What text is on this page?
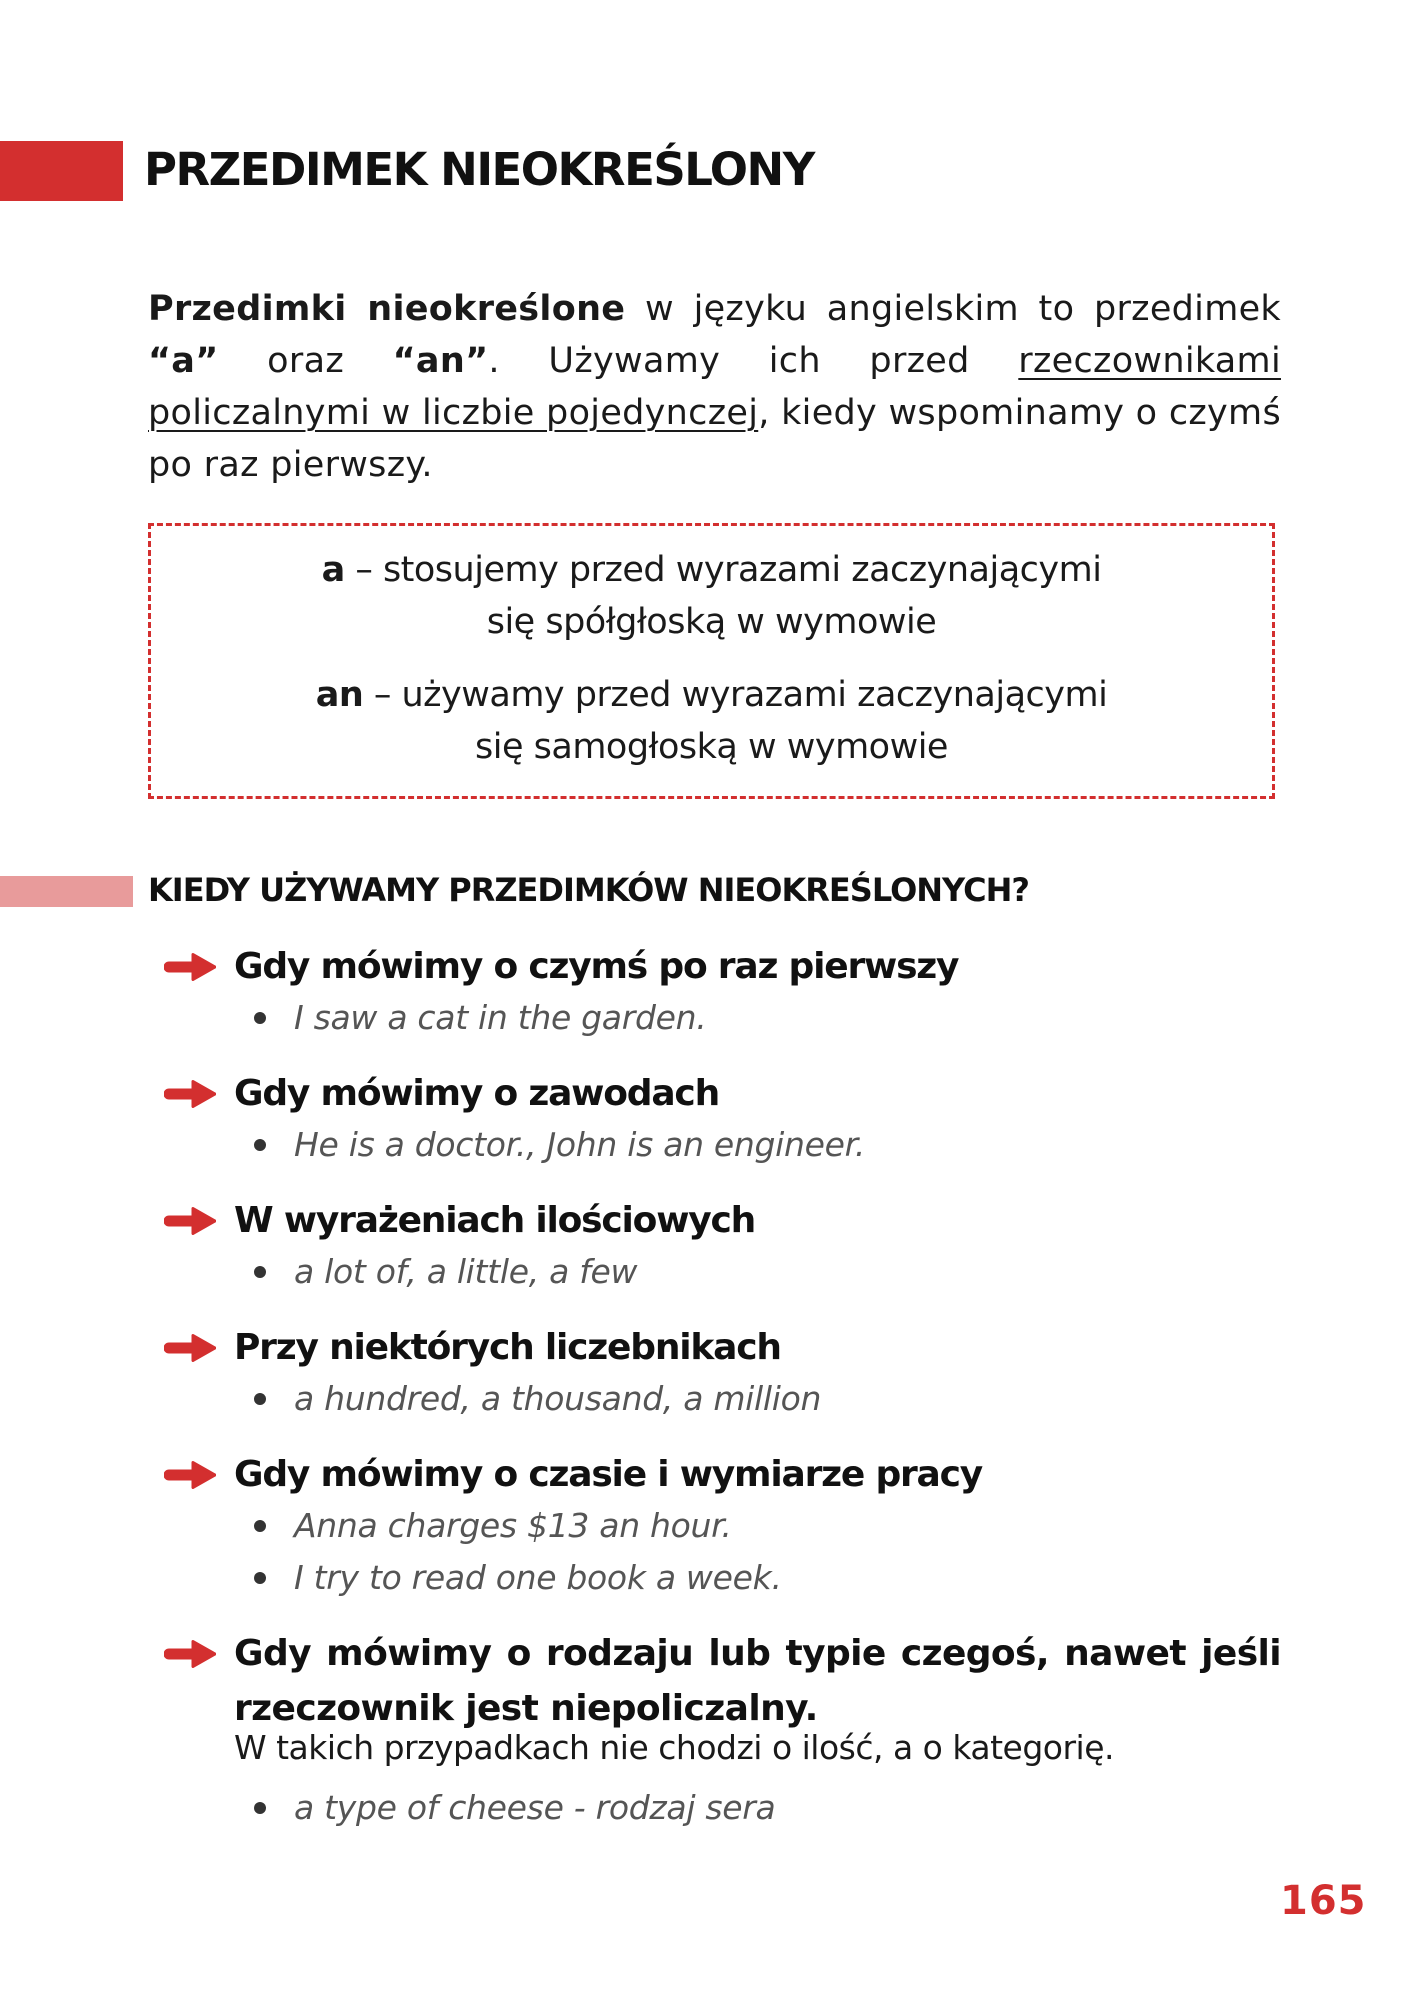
PRZEDIMEK NIEOKREŚLONY

Przedimki nieokreślone w języku angielskim to przedimek “a” oraz “an”. Używamy ich przed rzeczownikami policzalnymi w liczbie pojedynczej, kiedy wspominamy o czymś po raz pierwszy.

a – stosujemy przed wyrazami zaczynającymi
się spółgłoską w wymowie

an – używamy przed wyrazami zaczynającymi
się samogłoską w wymowie

KIEDY UŻYWAMY PRZEDIMKÓW NIEOKREŚLONYCH?
Gdy mówimy o czymś po raz pierwszy

I saw a cat in the garden.

Gdy mówimy o zawodach

He is a doctor., John is an engineer.

W wyrażeniach ilościowych

a lot of, a little, a few

Przy niektórych liczebnikach

a hundred, a thousand, a million

Gdy mówimy o czasie i wymiarze pracy

Anna charges $13 an hour.

I try to read one book a week.

Gdy mówimy o rodzaju lub typie czegoś, nawet jeśli rzeczownik jest niepoliczalny.

W takich przypadkach nie chodzi o ilość, a o kategorię.

a type of cheese - rodzaj sera

165
